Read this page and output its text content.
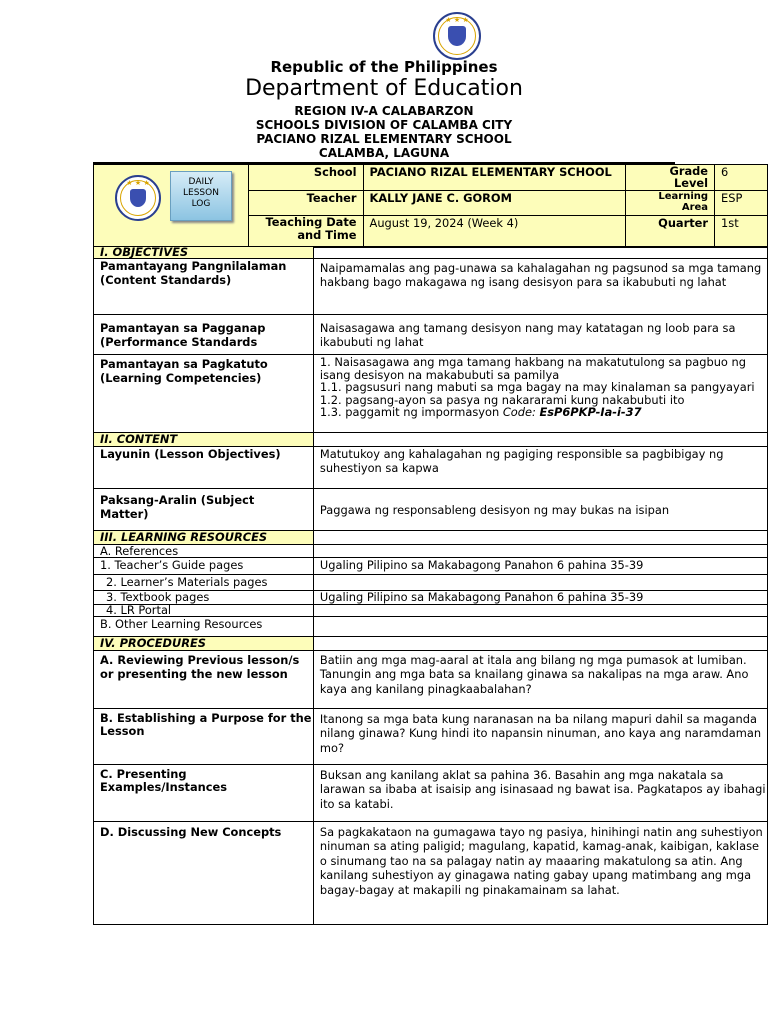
★ ★ ★
Republic of the Philippines
Department of Education
REGION IV-A CALABARZON
SCHOOLS DIVISION OF CALAMBA CITY
PACIANO RIZAL ELEMENTARY SCHOOL
CALAMBA, LAGUNA
	School	PACIANO RIZAL ELEMENTARY SCHOOL	Grade Level	6
	Teacher	KALLY JANE C. GOROM	Learning Area	ESP
	Teaching Date and Time	August 19, 2024 (Week 4)	Quarter	1st
★ ★ ★	DAILY
LESSON
LOG
I. OBJECTIVES	
Pamantayang Pangnilalaman (Content Standards)	Naipamamalas ang pag-unawa sa kahalagahan ng pagsunod sa mga tamang hakbang bago makagawa ng isang desisyon para sa ikabubuti ng lahat
Pamantayan sa Pagganap (Performance Standards	Naisasagawa ang tamang desisyon nang may katatagan ng loob para sa ikabubuti ng lahat
Pamantayan sa Pagkatuto (Learning Competencies)	1. Naisasagawa ang mga tamang hakbang na makatutulong sa pagbuo ng isang desisyon na makabubuti sa pamilya
1.1. pagsusuri nang mabuti sa mga bagay na may kinalaman sa pangyayari
1.2. pagsang-ayon sa pasya ng nakararami kung nakabubuti ito
1.3. paggamit ng impormasyon Code: EsP6PKP-Ia-i-37

II. CONTENT	
Layunin (Lesson Objectives)	Matutukoy ang kahalagahan ng pagiging responsible sa pagbibigay ng suhestiyon sa kapwa

Paksang-Aralin (Subject Matter)	Paggawa ng responsableng desisyon ng may bukas na isipan
III. LEARNING RESOURCES	
A. References	
1. Teacher’s Guide pages	Ugaling Pilipino sa Makabagong Panahon 6 pahina 35-39
2. Learner’s Materials pages	
3. Textbook pages	Ugaling Pilipino sa Makabagong Panahon 6 pahina 35-39
4. LR Portal	
B. Other Learning Resources	
IV. PROCEDURES	
A. Reviewing Previous lesson/s or presenting the new lesson	Batiin ang mga mag-aaral at itala ang bilang ng mga pumasok at lumiban. Tanungin ang mga bata sa knailang ginawa sa nakalipas na mga araw. Ano kaya ang kanilang pinagkaabalahan?
B. Establishing a Purpose for the Lesson	Itanong sa mga bata kung naranasan na ba nilang mapuri dahil sa maganda nilang ginawa? Kung hindi ito napansin ninuman, ano kaya ang naramdaman mo?
C. Presenting Examples/Instances	Buksan ang kanilang aklat sa pahina 36. Basahin ang mga nakatala sa larawan sa ibaba at isaisip ang isinasaad ng bawat isa. Pagkatapos ay ibahagi ito sa katabi.
D. Discussing New Concepts	Sa pagkakataon na gumagawa tayo ng pasiya, hinihingi natin ang suhestiyon ninuman sa ating paligid; magulang, kapatid, kamag-anak, kaibigan, kaklase o sinumang tao na sa palagay natin ay maaaring makatulong sa atin. Ang kanilang suhestiyon ay ginagawa nating gabay upang matimbang ang mga bagay-bagay at makapili ng pinakamainam sa lahat.
